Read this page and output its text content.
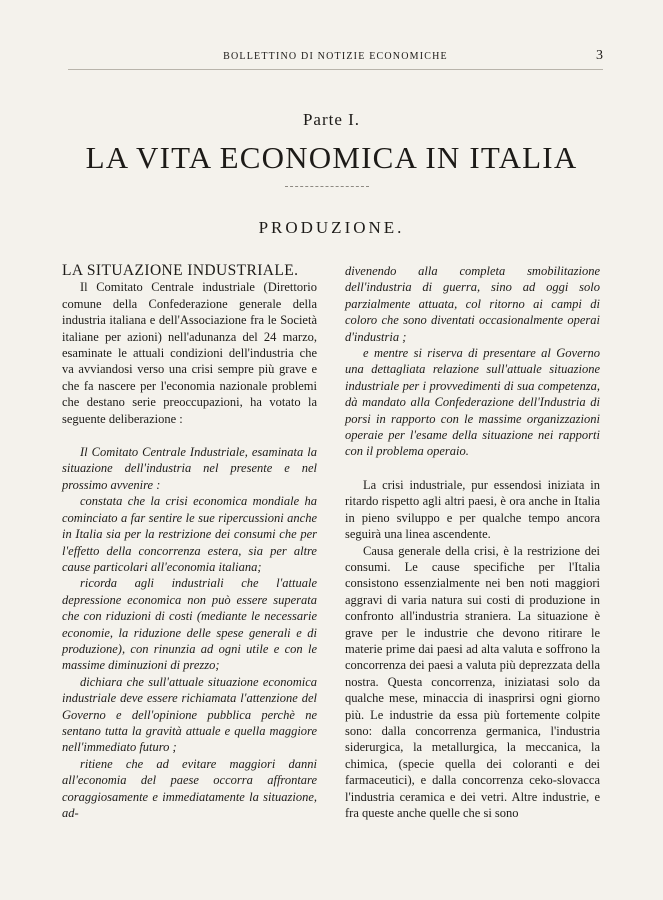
BOLLETTINO DI NOTIZIE ECONOMICHE	3
Parte I.
LA VITA ECONOMICA IN ITALIA
PRODUZIONE.

LA SITUAZIONE INDUSTRIALE.

Il Comitato Centrale industriale (Direttorio comune della Confederazione generale della industria italiana e dell'Associazione fra le Società italiane per azioni) nell'adunanza del 24 marzo, esaminate le attuali condizioni dell'industria che va avviandosi verso una crisi sempre più grave e che fa nascere per l'economia nazionale problemi che destano serie preoccupazioni, ha votato la seguente deliberazione :

Il Comitato Centrale Industriale, esaminata la situazione dell'industria nel presente e nel prossimo avvenire :

constata che la crisi economica mondiale ha cominciato a far sentire le sue ripercussioni anche in Italia sia per la restrizione dei consumi che per l'effetto della concorrenza estera, sia per altre cause particolari all'economia italiana;

ricorda agli industriali che l'attuale depressione economica non può essere superata che con riduzioni di costi (mediante le necessarie economie, la riduzione delle spese generali e di produzione), con rinunzia ad ogni utile e con le massime diminuzioni di prezzo;

dichiara che sull'attuale situazione economica industriale deve essere richiamata l'attenzione del Governo e dell'opinione pubblica perchè ne sentano tutta la gravità attuale e quella maggiore nell'immediato futuro ;

ritiene che ad evitare maggiori danni all'economia del paese occorra affrontare coraggiosamente e immediatamente la situazione, ad-

divenendo alla completa smobilitazione dell'industria di guerra, sino ad oggi solo parzialmente attuata, col ritorno ai campi di coloro che sono diventati occasionalmente operai d'industria ;

e mentre si riserva di presentare al Governo una dettagliata relazione sull'attuale situazione industriale per i provvedimenti di sua competenza, dà mandato alla Confederazione dell'Industria di porsi in rapporto con le massime organizzazioni operaie per l'esame della situazione nei rapporti con il problema operaio.

La crisi industriale, pur essendosi iniziata in ritardo rispetto agli altri paesi, è ora anche in Italia in pieno sviluppo e per qualche tempo ancora seguirà una linea ascendente.

Causa generale della crisi, è la restrizione dei consumi. Le cause specifiche per l'Italia consistono essenzialmente nei ben noti maggiori aggravi di varia natura sui costi di produzione in confronto all'industria straniera. La situazione è grave per le industrie che devono ritirare le materie prime dai paesi ad alta valuta e soffrono la concorrenza dei paesi a valuta più deprezzata della nostra. Questa concorrenza, iniziatasi solo da qualche mese, minaccia di inasprirsi ogni giorno più. Le industrie da essa più fortemente colpite sono: dalla concorrenza germanica, l'industria siderurgica, la metallurgica, la meccanica, la chimica, (specie quella dei coloranti e dei farmaceutici), e dalla concorrenza ceko-slovacca l'industria ceramica e dei vetri. Altre industrie, e fra queste anche quelle che si sono
